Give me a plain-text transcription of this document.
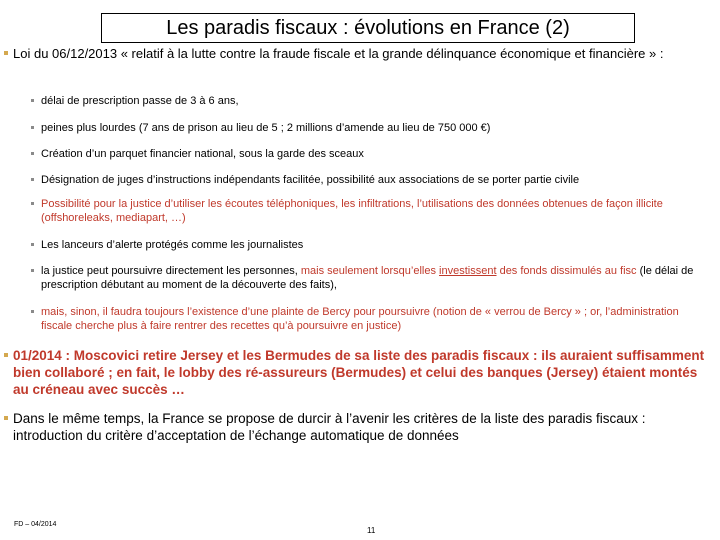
Les paradis fiscaux : évolutions en France (2)
Loi du 06/12/2013 « relatif à la lutte contre la fraude fiscale et la grande délinquance économique et financière » :
délai de prescription passe de 3 à 6 ans,
peines plus lourdes (7 ans de prison au lieu de 5 ; 2 millions d’amende au lieu de 750 000 €)
Création d’un parquet financier national, sous la garde des sceaux
Désignation de juges d’instructions indépendants facilitée, possibilité aux associations de se porter partie civile
Possibilité pour la justice d’utiliser les écoutes téléphoniques, les infiltrations, l’utilisations des données obtenues de façon illicite (offshoreleaks, mediapart, …)
Les lanceurs d’alerte protégés comme les journalistes
la justice peut poursuivre directement les personnes, mais seulement lorsqu’elles investissent des fonds dissimulés au fisc (le délai de prescription débutant au moment de la découverte des faits),
mais, sinon, il faudra toujours l’existence d’une plainte de Bercy pour poursuivre (notion de « verrou de Bercy » ; or, l’administration fiscale cherche plus à faire rentrer des recettes qu’à poursuivre en justice)
01/2014 : Moscovici retire Jersey et les Bermudes de sa liste des paradis fiscaux : ils auraient suffisamment bien collaboré ; en fait, le lobby des ré-assureurs (Bermudes) et celui des banques (Jersey) étaient montés au créneau avec succès …
Dans le même temps, la France se propose de durcir à l’avenir les critères de la liste des paradis fiscaux : introduction du critère d’acceptation de l’échange automatique de données
FD – 04/2014
11
